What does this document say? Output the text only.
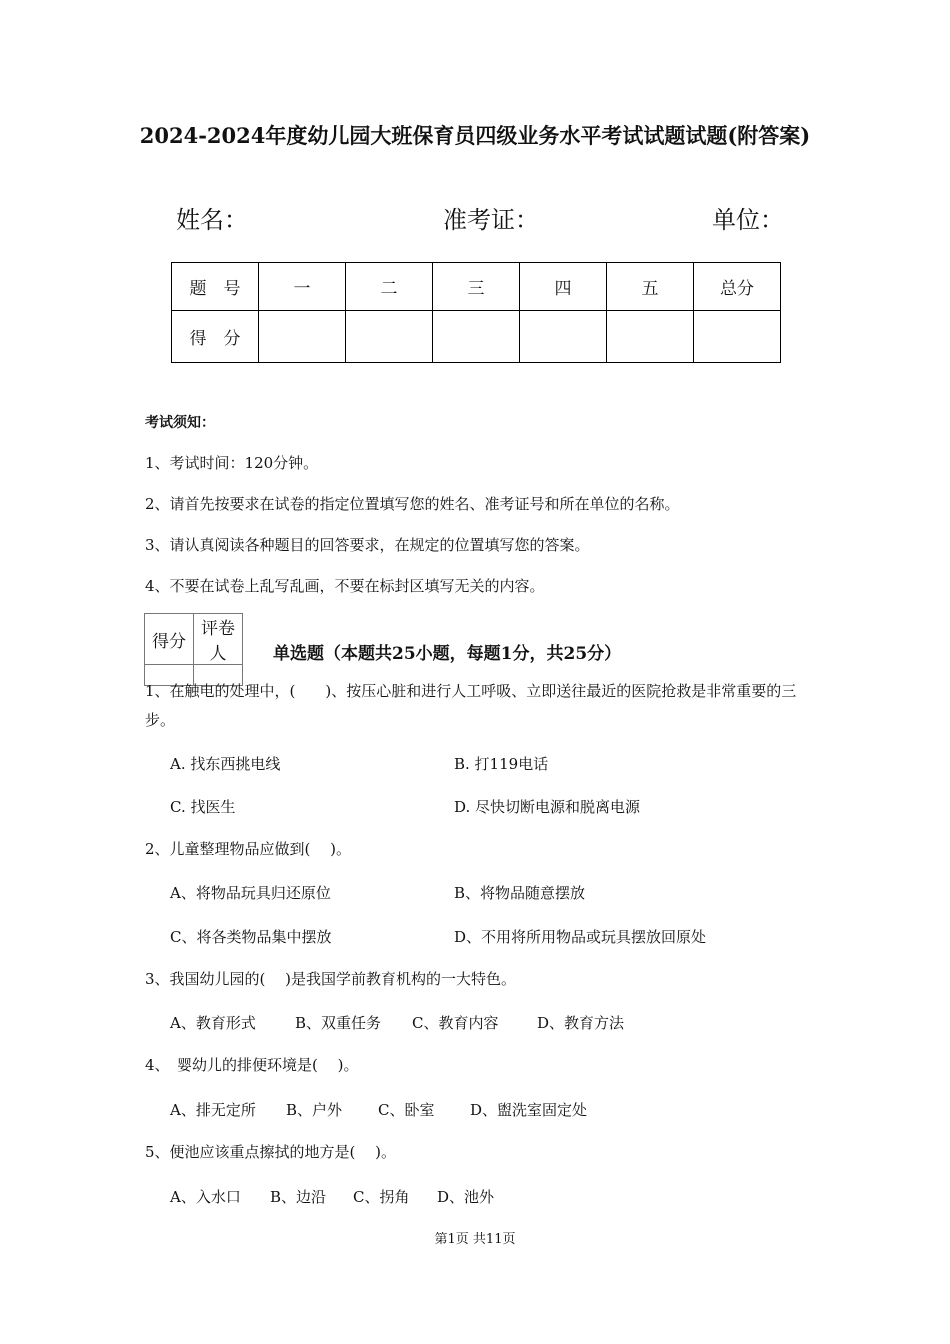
2024-2024年度幼儿园大班保育员四级业务水平考试试题试题(附答案)
姓名：	准考证：	单位：
题　号	一	二	三	四	五	总分
得　分						
考试须知：
1、考试时间：120分钟。
2、请首先按要求在试卷的指定位置填写您的姓名、准考证号和所在单位的名称。
3、请认真阅读各种题目的回答要求，在规定的位置填写您的答案。
4、不要在试卷上乱写乱画，不要在标封区填写无关的内容。
得分	评卷人
		单选题（本题共25小题，每题1分，共25分）
1、在触电的处理中，(　　)、按压心脏和进行人工呼吸、立即送往最近的医院抢救是非常重要的三步。
A. 找东西挑电线	B. 打119电话
C. 找医生	D. 尽快切断电源和脱离电源
2、儿童整理物品应做到(　 )。
A、将物品玩具归还原位	B、将物品随意摆放
C、将各类物品集中摆放	D、不用将所用物品或玩具摆放回原处
3、我国幼儿园的(　 )是我国学前教育机构的一大特色。
A、教育形式	B、双重任务 C、教育内容	D、教育方法
4、　婴幼儿的排便环境是(　 )。
A、排无定所 B、户外 C、卧室 D、盥洗室固定处
5、便池应该重点擦拭的地方是(　 )。
A、入水口 B、边沿 C、拐角 D、池外
第1页 共11页
